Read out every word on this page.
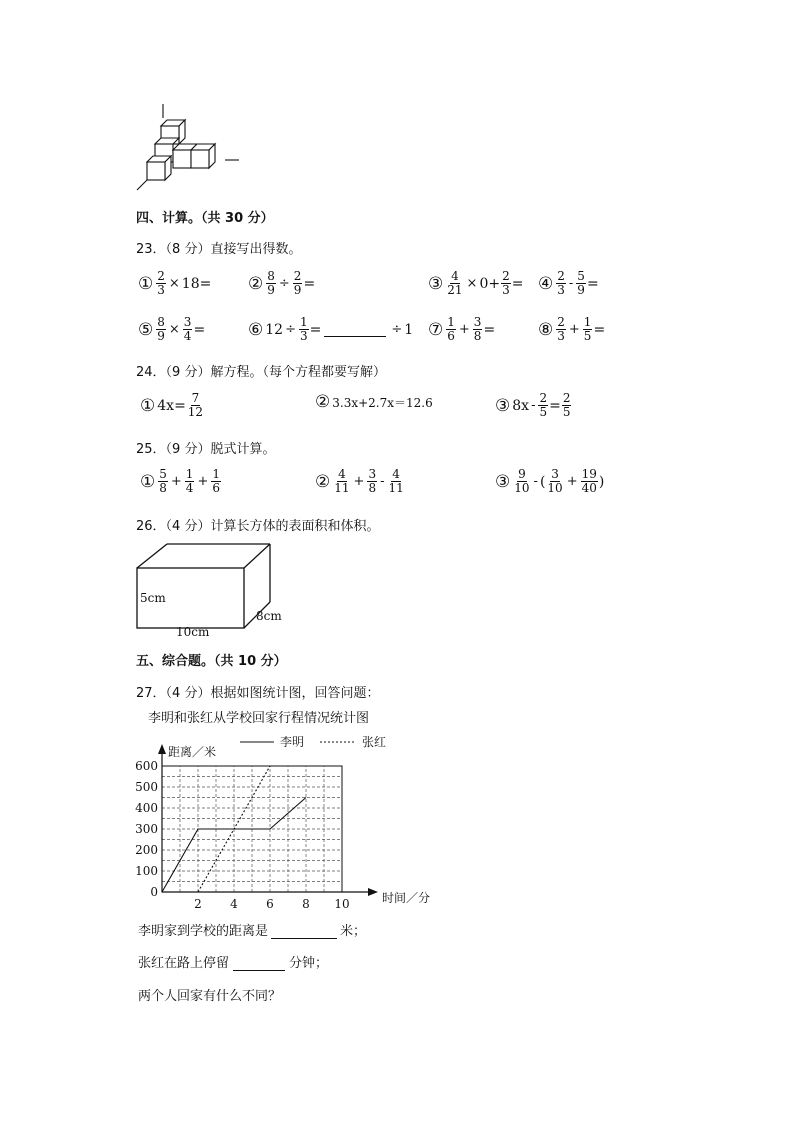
四、计算。（共 30 分）
23．（8 分）直接写出得数。
① $\frac{2}{3} \times 18$ = ② $\frac{8}{9} \div \frac{2}{9}$ =	③ $\frac{4}{21} \times 0 + \frac{2}{3}$ = ④ $\frac{2}{3} - \frac{5}{9}$ =
⑤ $\frac{8}{9} \times \frac{3}{4}$ =	⑥ $12 \div \frac{1}{3}$ =	÷ 1 ⑦ $\frac{1}{6} + \frac{3}{8}$ =	⑧ $\frac{2}{3} + \frac{1}{5}$ =
24．（9 分）解方程。（每个方程都要写解）
① $4x = \frac{7}{12}$	② 3.3x+2.7x＝12.6	③ $8x - \frac{2}{5} = \frac{2}{5}$
25．（9 分）脱式计算。
① $\frac{5}{8} + \frac{1}{4} + \frac{1}{6}$	② $\frac{4}{11} + \frac{3}{8} - \frac{4}{11}$	③ $\frac{9}{10}$ - ( $\frac{3}{10} + \frac{19}{40}$ )
26．（4 分）计算长方体的表面积和体积。
5cm
8cm
10cm
五、综合题。（共 10 分）
27．（4 分）根据如图统计图，回答问题：
李明和张红从学校回家行程情况统计图
李明	张红
距离／米
时间／分
0
100
200
300
400
500
600
2 4 6 8 10
李明家到学校的距离是	米；
张红在路上停留	分钟；
两个人回家有什么不同？
